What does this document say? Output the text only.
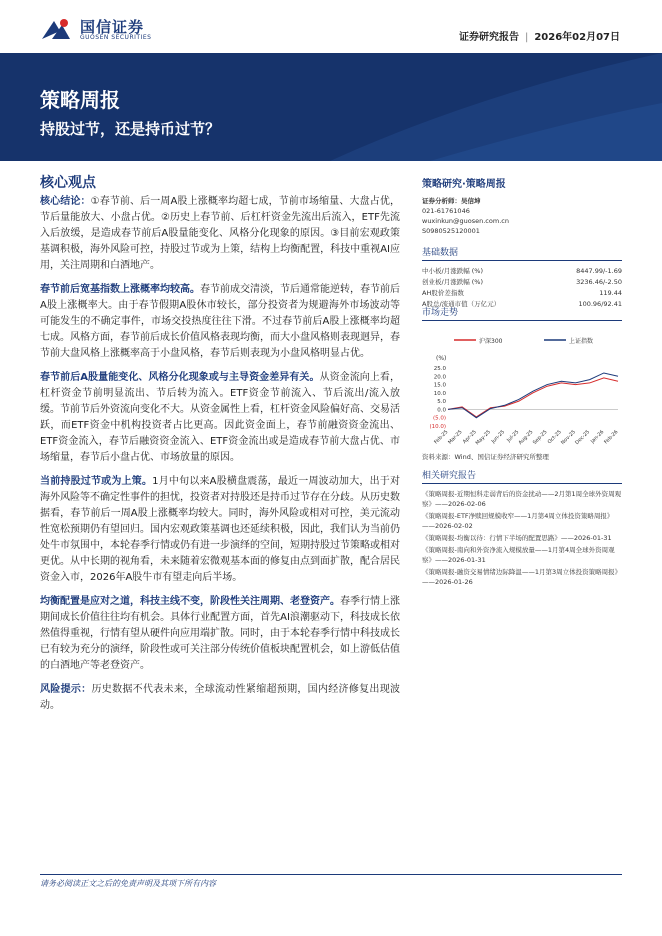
国信证券
GUOSEN SECURITIES	证券研究报告 | 2026年02月07日
策略周报
持股过节，还是持币过节？
核心观点

核心结论：①春节前、后一周A股上涨概率均超七成，节前市场缩量、大盘占优，节后量能放大、小盘占优。②历史上春节前、后杠杆资金先流出后流入，ETF先流入后放缓，是造成春节前后A股量能变化、风格分化现象的原因。③目前宏观政策基调积极，海外风险可控，持股过节或为上策，结构上均衡配置，科技中重视AI应用，关注周期和白酒地产。

春节前后宽基指数上涨概率均较高。春节前成交清淡，节后通常能逆转，春节前后A股上涨概率大。由于春节假期A股休市较长，部分投资者为规避海外市场波动等可能发生的不确定事件，市场交投热度往往下滑。不过春节前后A股上涨概率均超七成。风格方面，春节前后成长价值风格表现均衡，而大小盘风格则表现迥异，春节前大盘风格上涨概率高于小盘风格，春节后则表现为小盘风格明显占优。

春节前后A股量能变化、风格分化现象或与主导资金差异有关。从资金流向上看，杠杆资金节前明显流出、节后转为流入。ETF资金节前流入、节后流出/流入放缓。节前节后外资流向变化不大。从资金属性上看，杠杆资金风险偏好高、交易活跃，而ETF资金中机构投资者占比更高。因此资金面上，春节前融资资金流出、ETF资金流入，春节后融资资金流入、ETF资金流出或是造成春节前大盘占优、市场缩量，春节后小盘占优、市场放量的原因。

当前持股过节或为上策。1月中旬以来A股横盘震荡，最近一周波动加大，出于对海外风险等不确定性事件的担忧，投资者对持股还是持币过节存在分歧。从历史数据看，春节前后一周A股上涨概率均较大。同时，海外风险或相对可控，美元流动性宽松预期仍有望回归。国内宏观政策基调也还延续积极，因此，我们认为当前仍处牛市氛围中，本轮春季行情或仍有进一步演绎的空间，短期持股过节策略或相对更优。从中长期的视角看，未来随着宏微观基本面的修复由点到面扩散，配合居民资金入市，2026年A股牛市有望走向后半场。

均衡配置是应对之道，科技主线不变，阶段性关注周期、老登资产。春季行情上涨期间成长价值往往均有机会。具体行业配置方面，首先AI浪潮驱动下，科技成长依然值得重视，行情有望从硬件向应用端扩散。同时，由于本轮春季行情中科技成长已有较为充分的演绎，阶段性或可关注部分传统价值板块配置机会，如上游低估值的白酒地产等老登资产。

风险提示：历史数据不代表未来，全球流动性紧缩超预期，国内经济修复出现波动。

策略研究·策略周报
证券分析师：吴信坤
021-61761046
wuxinkun@guosen.com.cn
S0980525120001
基础数据
中小板/月涨跌幅 (%)	8447.99/-1.69
创业板/月涨跌幅 (%)	3236.46/-2.50
AH股价差指数	119.44
A股总/流通市值（万亿元）	100.96/92.41
市场走势
沪深300	上证指数
(%)
25.0
20.0
15.0
10.0
5.0
0.0
(5.0)
(10.0)
Feb-25
Mar-25
Apr-25
May-25
Jun-25 Jul-25
Aug-25
Sep-25
Oct-25
Nov-25
Dec-25
Jan-26
Feb-26
资料来源：Wind、国信证券经济研究所整理
相关研究报告
《策略周报-近期恒科走弱背后的资金扰动——2月第1周全球外资周观察》——2026-02-06
《策略周报-ETF净赎回规模收窄——1月第4周立体投资策略周报》——2026-02-02
《策略周报-均衡以待：行情下半场的配置思路》——2026-01-31
《策略周报-南向和外资净流入规模放量——1月第4周全球外资周观察》——2026-01-31
《策略周报-融资交易情绪边际降温——1月第3周立体投资策略周报》——2026-01-26
请务必阅读正文之后的免责声明及其项下所有内容
